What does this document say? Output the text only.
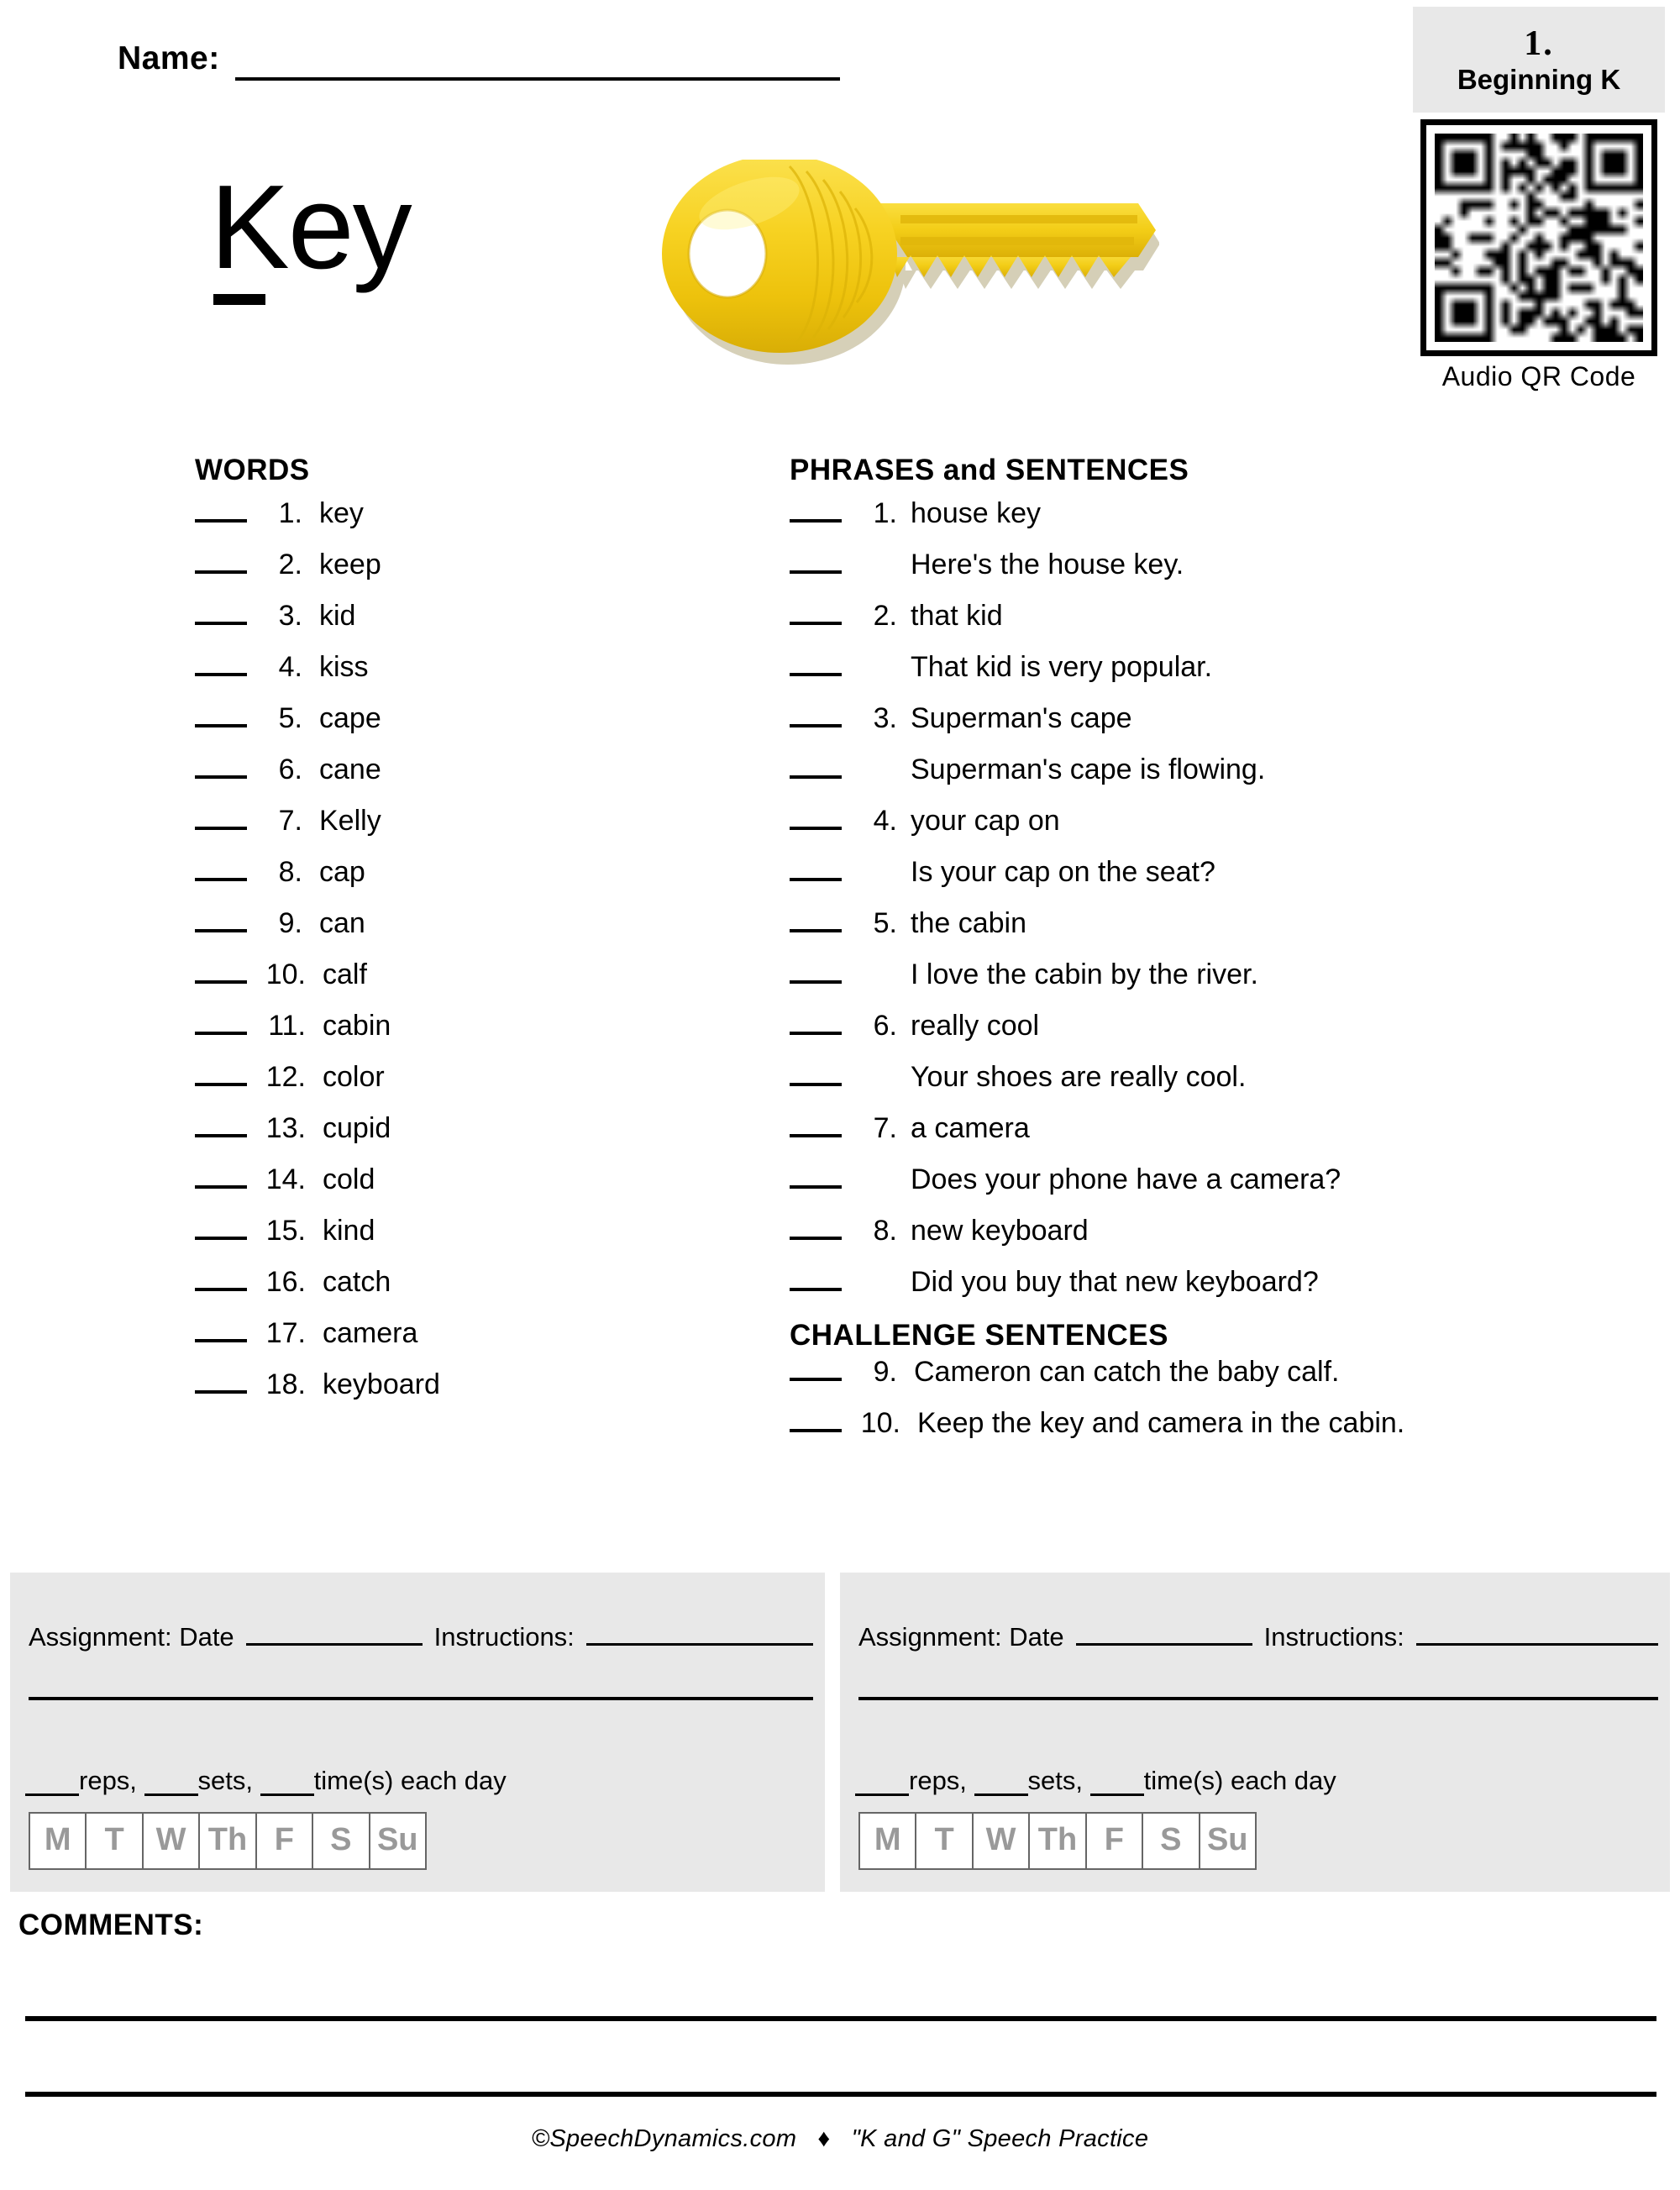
Name:
Key
1.
Beginning K
Audio QR Code
WORDS
1. key
2. keep
3. kid
4. kiss
5. cape
6. cane
7. Kelly
8. cap
9. can
10. calf
11. cabin
12. color
13. cupid
14. cold
15. kind
16. catch
17. camera
18. keyboard
PHRASES and SENTENCES
1. house key
Here's the house key.
2. that kid
That kid is very popular.
3. Superman's cape
Superman's cape is flowing.
4. your cap on
Is your cap on the seat?
5. the cabin
I love the cabin by the river.
6. really cool
Your shoes are really cool.
7. a camera
Does your phone have a camera?
8. new keyboard
Did you buy that new keyboard?
CHALLENGE SENTENCES
9. Cameron can catch the baby calf.
10. Keep the key and camera in the cabin.
Assignment: Date	Instructions:
reps, sets, time(s) each day
M	T W Th F	S Su
Assignment: Date	Instructions:
reps, sets, time(s) each day
M	T W Th F	S Su
COMMENTS:
©SpeechDynamics.com ♦ "K and G" Speech Practice
